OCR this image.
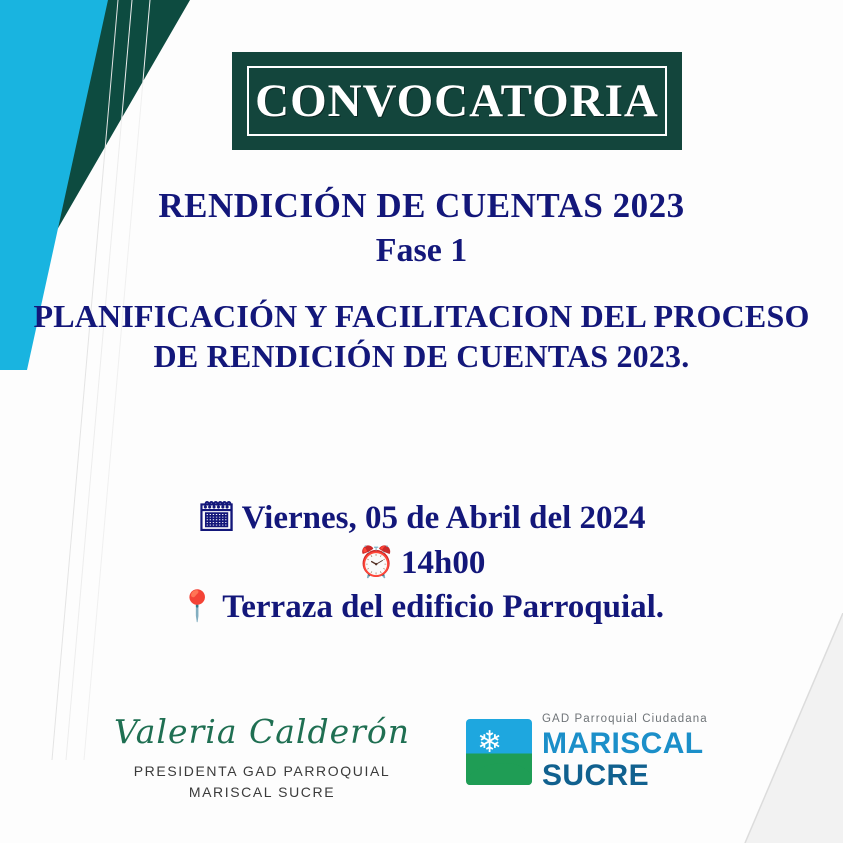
CONVOCATORIA
RENDICIÓN DE CUENTAS 2023
Fase 1
PLANIFICACIÓN Y FACILITACION DEL PROCESO DE RENDICIÓN DE CUENTAS 2023.
🗓 Viernes, 05 de Abril del 2024
⏰ 14h00
📍 Terraza del edificio Parroquial.
Valeria Calderón
PRESIDENTA GAD PARROQUIAL
MARISCAL SUCRE
❄
GAD Parroquial Ciudadana
MARISCAL
SUCRE
